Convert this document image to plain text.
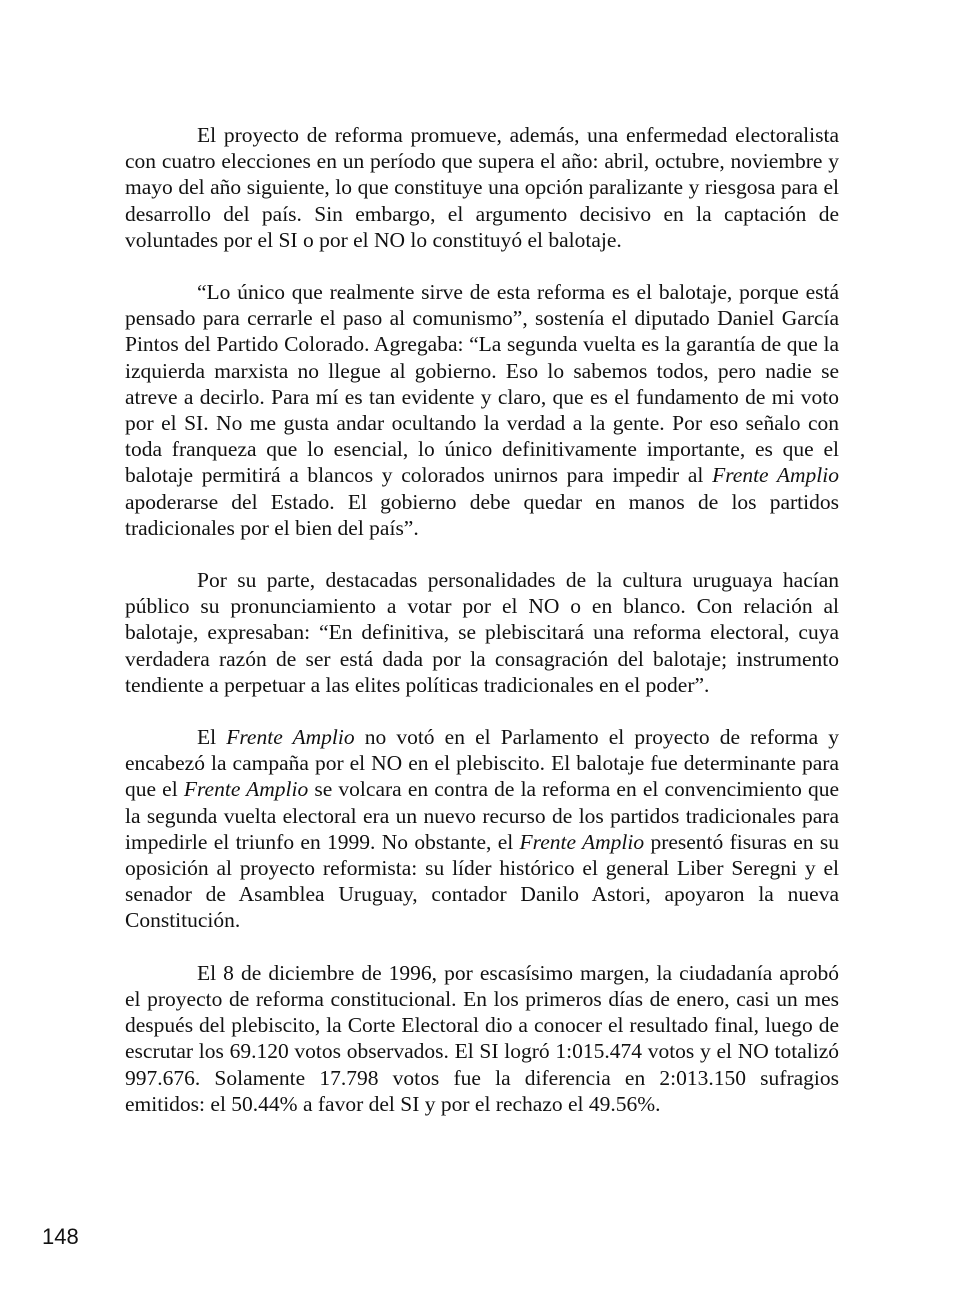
El proyecto de reforma promueve, además, una enfermedad electoralista con cuatro elecciones en un período que supera el año: abril, octubre, noviembre y mayo del año siguiente, lo que constituye una opción paralizante y riesgosa para el desarrollo del país. Sin embargo, el argumento decisivo en la captación de voluntades por el SI o por el NO lo constituyó el balotaje.

“Lo único que realmente sirve de esta reforma es el balotaje, porque está pensado para cerrarle el paso al comunismo”, sostenía el diputado Daniel García Pintos del Partido Colorado. Agregaba: “La segunda vuelta es la garantía de que la izquierda marxista no llegue al gobierno. Eso lo sabemos todos, pero nadie se atreve a decirlo. Para mí es tan evidente y claro, que es el fundamento de mi voto por el SI. No me gusta andar ocultando la verdad a la gente. Por eso señalo con toda franqueza que lo esencial, lo único definitivamente importante, es que el balotaje permitirá a blancos y colorados unirnos para impedir al Frente Amplio apoderarse del Estado. El gobierno debe quedar en manos de los partidos tradicionales por el bien del país”.

Por su parte, destacadas personalidades de la cultura uruguaya hacían público su pronunciamiento a votar por el NO o en blanco. Con relación al balotaje, expresaban: “En definitiva, se plebiscitará una reforma electoral, cuya verdadera razón de ser está dada por la consagración del balotaje; instrumento tendiente a perpetuar a las elites políticas tradicionales en el poder”.

El Frente Amplio no votó en el Parlamento el proyecto de reforma y encabezó la campaña por el NO en el plebiscito. El balotaje fue determinante para que el Frente Amplio se volcara en contra de la reforma en el convencimiento que la segunda vuelta electoral era un nuevo recurso de los partidos tradicionales para impedirle el triunfo en 1999. No obstante, el Frente Amplio presentó fisuras en su oposición al proyecto reformista: su líder histórico el general Liber Seregni y el senador de Asamblea Uruguay, contador Danilo Astori, apoyaron la nueva Constitución.

El 8 de diciembre de 1996, por escasísimo margen, la ciudadanía aprobó el proyecto de reforma constitucional. En los primeros días de enero, casi un mes después del plebiscito, la Corte Electoral dio a conocer el resultado final, luego de escrutar los 69.120 votos observados. El SI logró 1:015.474 votos y el NO totalizó 997.676. Solamente 17.798 votos fue la diferencia en 2:013.150 sufragios emitidos: el 50.44% a favor del SI y por el rechazo el 49.56%.

148
